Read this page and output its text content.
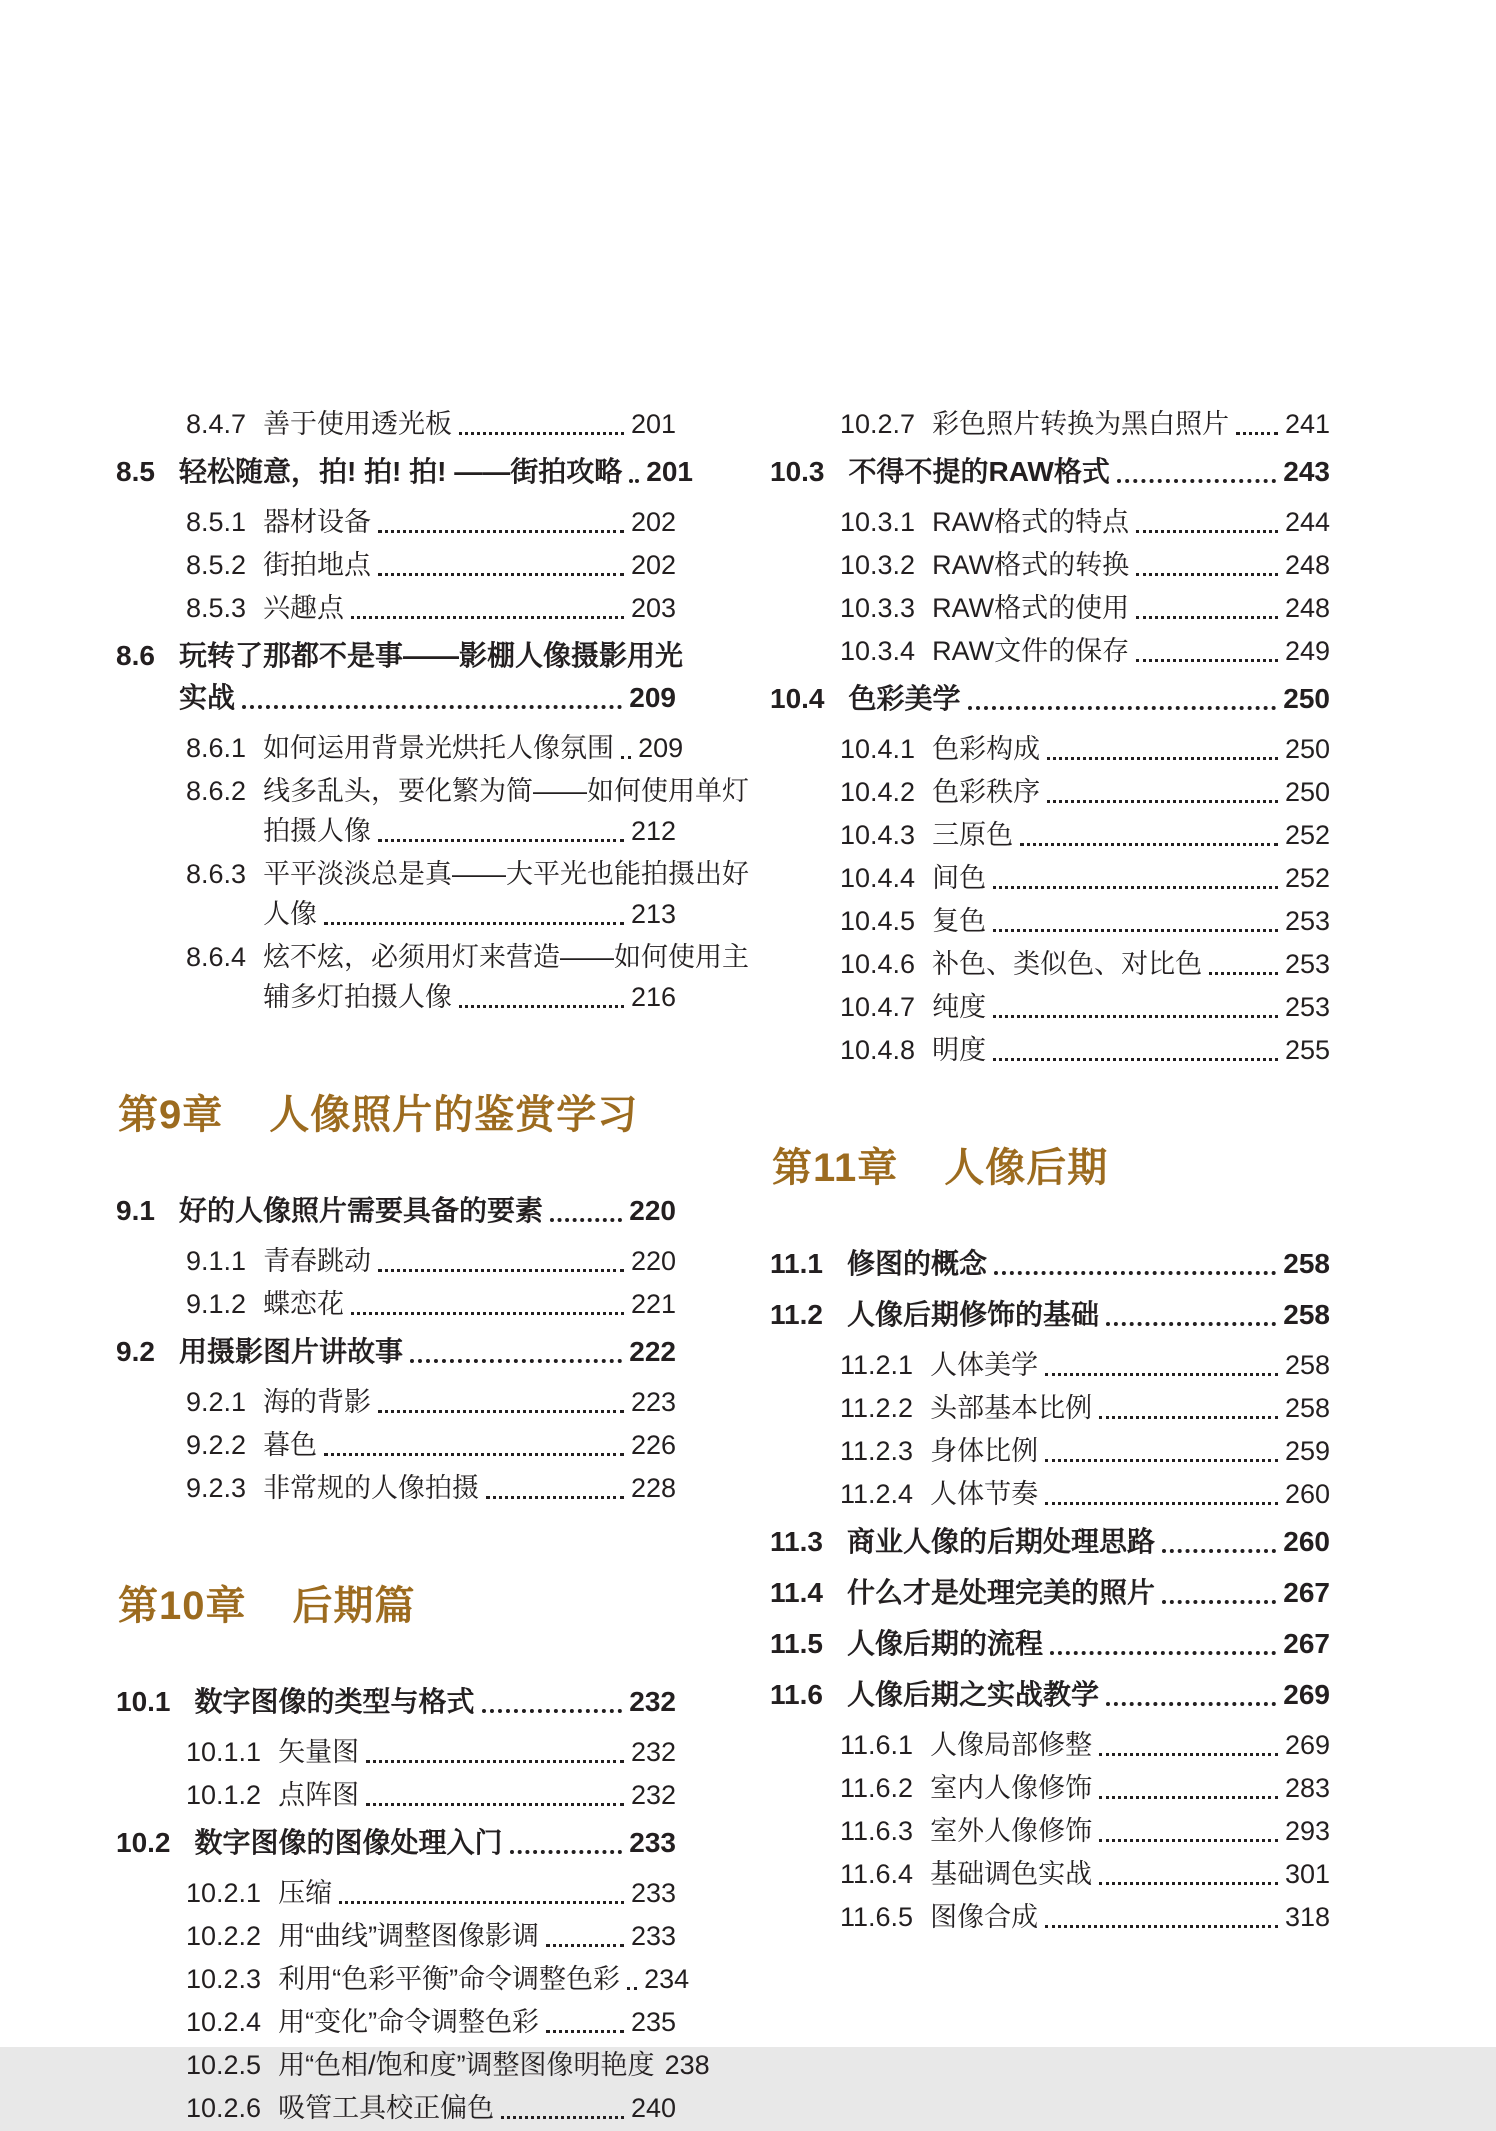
8.4.7 善于使用透光板	201
8.5 轻松随意，拍! 拍! 拍! ——街拍攻略 201
8.5.1 器材设备	202
8.5.2 街拍地点	202
8.5.3 兴趣点	203
8.6 玩转了那都不是事——影棚人像摄影用光
实战	209
8.6.1 如何运用背景光烘托人像氛围 209
8.6.2 线多乱头，要化繁为简——如何使用单灯
拍摄人像	212
8.6.3 平平淡淡总是真——大平光也能拍摄出好
人像	213
8.6.4 炫不炫，必须用灯来营造——如何使用主
辅多灯拍摄人像	216
第9章 人像照片的鉴赏学习
9.1 好的人像照片需要具备的要素	220
9.1.1 青春跳动	220
9.1.2 蝶恋花	221
9.2 用摄影图片讲故事	222
9.2.1 海的背影	223
9.2.2 暮色	226
9.2.3 非常规的人像拍摄	228
第10章 后期篇
10.1 数字图像的类型与格式	232
10.1.1 矢量图	232
10.1.2 点阵图	232
10.2 数字图像的图像处理入门	233
10.2.1 压缩	233
10.2.2 用“曲线”调整图像影调	233
10.2.3 利用“色彩平衡”命令调整色彩 234
10.2.4 用“变化”命令调整色彩	235
10.2.5 用“色相/饱和度”调整图像明艳度 238
10.2.6 吸管工具校正偏色	240
10.2.7 彩色照片转换为黑白照片 241
10.3 不得不提的RAW格式	243
10.3.1 RAW格式的特点	244
10.3.2 RAW格式的转换	248
10.3.3 RAW格式的使用	248
10.3.4 RAW文件的保存	249
10.4 色彩美学	250
10.4.1 色彩构成	250
10.4.2 色彩秩序	250
10.4.3 三原色	252
10.4.4 间色	252
10.4.5 复色	253
10.4.6 补色、类似色、对比色	253
10.4.7 纯度	253
10.4.8 明度	255
第11章 人像后期
11.1 修图的概念	258
11.2 人像后期修饰的基础	258
11.2.1 人体美学	258
11.2.2 头部基本比例	258
11.2.3 身体比例	259
11.2.4 人体节奏	260
11.3 商业人像的后期处理思路	260
11.4 什么才是处理完美的照片	267
11.5 人像后期的流程	267
11.6 人像后期之实战教学	269
11.6.1 人像局部修整	269
11.6.2 室内人像修饰	283
11.6.3 室外人像修饰	293
11.6.4 基础调色实战	301
11.6.5 图像合成	318
